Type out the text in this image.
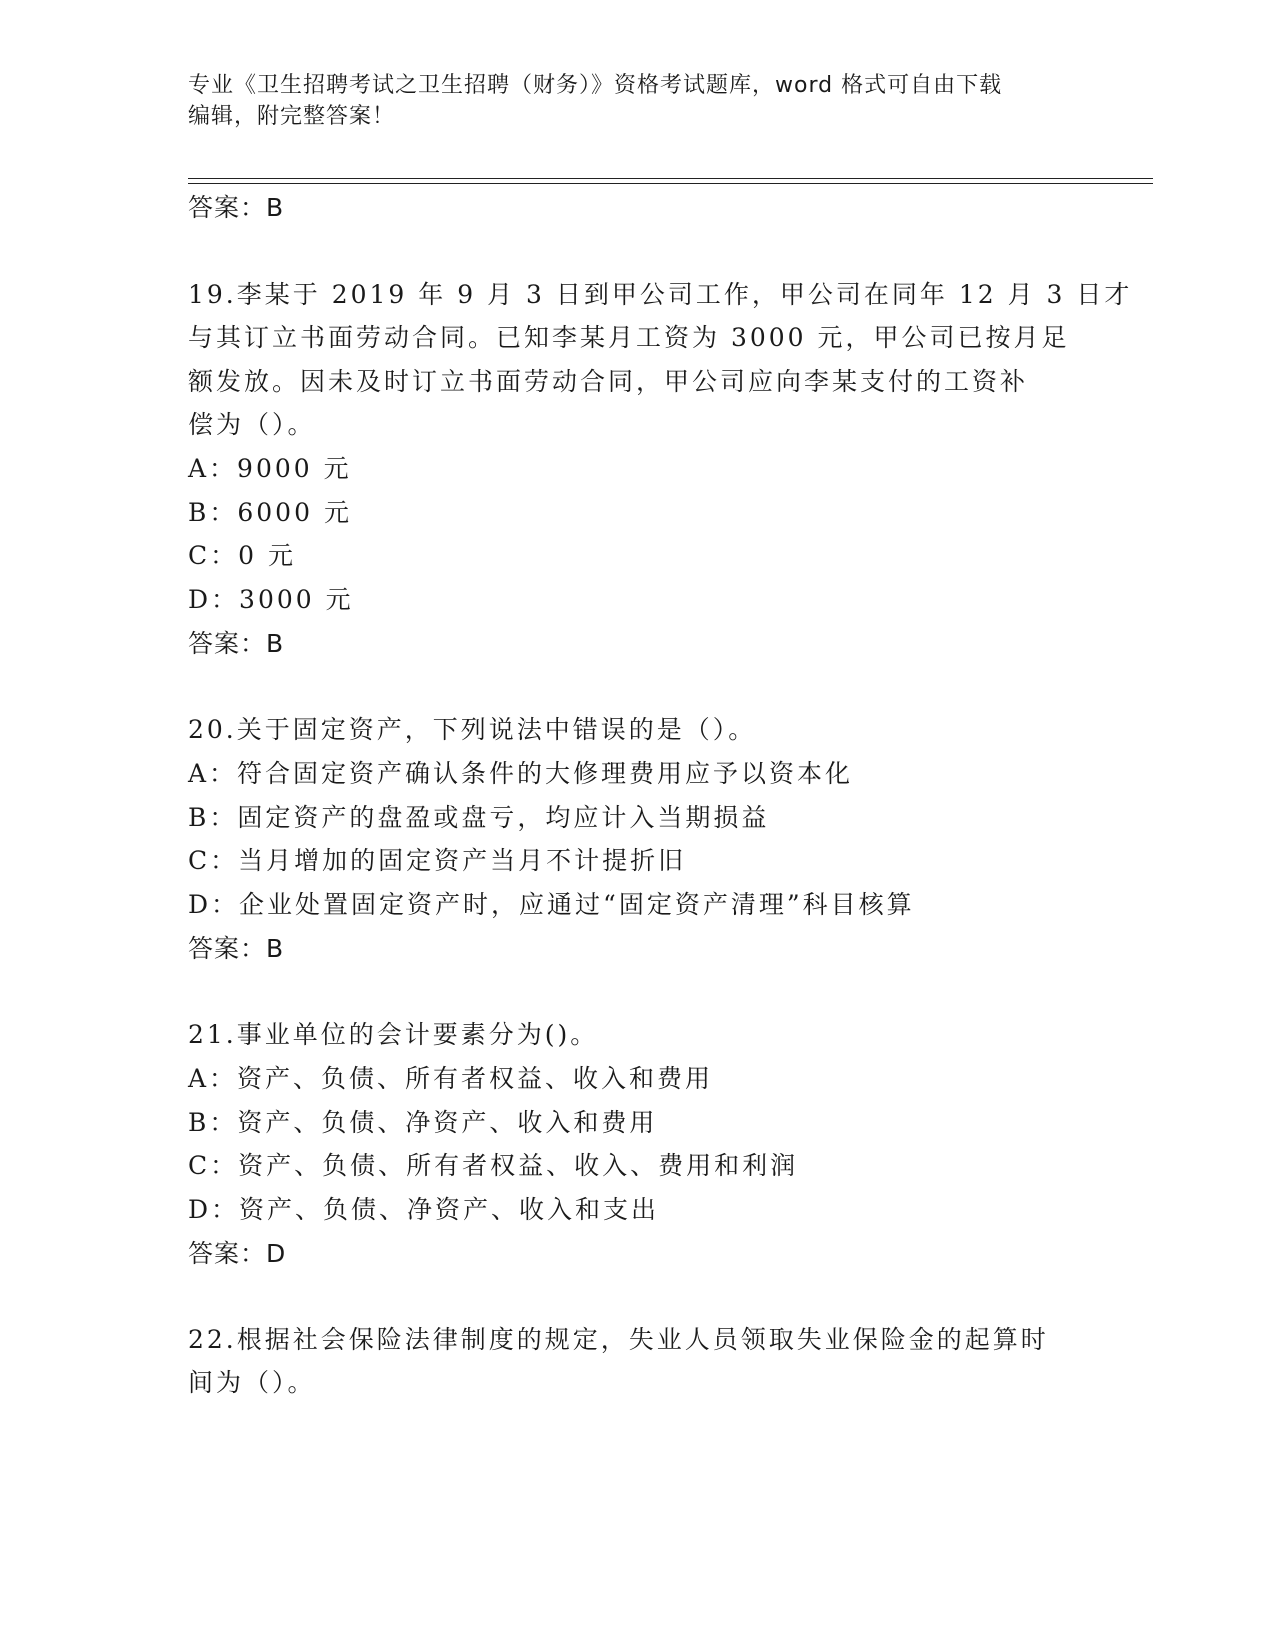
专业《卫生招聘考试之卫生招聘（财务）》资格考试题库，word 格式可自由下载
编辑，附完整答案！
答案：B
19.李某于 2019 年 9 月 3 日到甲公司工作，甲公司在同年 12 月 3 日才
与其订立书面劳动合同。已知李某月工资为 3000 元，甲公司已按月足
额发放。因未及时订立书面劳动合同，甲公司应向李某支付的工资补
偿为（）。
A：9000 元
B：6000 元
C：0 元
D：3000 元
答案：B
20.关于固定资产，下列说法中错误的是（）。
A：符合固定资产确认条件的大修理费用应予以资本化
B：固定资产的盘盈或盘亏，均应计入当期损益
C：当月增加的固定资产当月不计提折旧
D：企业处置固定资产时，应通过“固定资产清理”科目核算
答案：B
21.事业单位的会计要素分为()。
A：资产、负债、所有者权益、收入和费用
B：资产、负债、净资产、收入和费用
C：资产、负债、所有者权益、收入、费用和利润
D：资产、负债、净资产、收入和支出
答案：D
22.根据社会保险法律制度的规定，失业人员领取失业保险金的起算时
间为（）。
